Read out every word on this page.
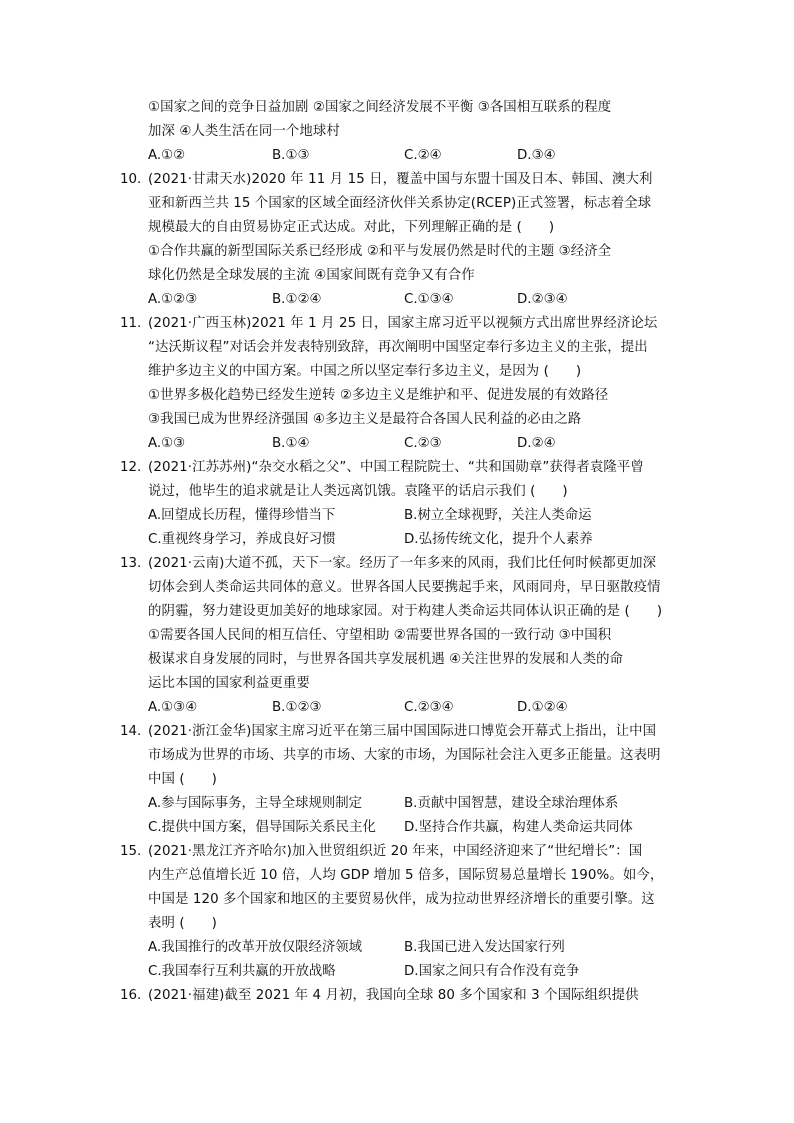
①国家之间的竞争日益加剧 ②国家之间经济发展不平衡 ③各国相互联系的程度
加深 ④人类生活在同一个地球村
A.①②	B.①③	C.②④	D.③④
10. (2021·甘肃天水)2020 年 11 月 15 日，覆盖中国与东盟十国及日本、韩国、澳大利
亚和新西兰共 15 个国家的区域全面经济伙伴关系协定(RCEP)正式签署，标志着全球
规模最大的自由贸易协定正式达成。对此，下列理解正确的是 (　　)
①合作共赢的新型国际关系已经形成 ②和平与发展仍然是时代的主题 ③经济全
球化仍然是全球发展的主流 ④国家间既有竞争又有合作
A.①②③	B.①②④	C.①③④	D.②③④
11. (2021·广西玉林)2021 年 1 月 25 日，国家主席习近平以视频方式出席世界经济论坛
“达沃斯议程”对话会并发表特别致辞，再次阐明中国坚定奉行多边主义的主张，提出
维护多边主义的中国方案。中国之所以坚定奉行多边主义，是因为 (　　)
①世界多极化趋势已经发生逆转 ②多边主义是维护和平、促进发展的有效路径
③我国已成为世界经济强国 ④多边主义是最符合各国人民利益的必由之路
A.①③	B.①④	C.②③	D.②④
12. (2021·江苏苏州)“杂交水稻之父”、中国工程院院士、“共和国勋章”获得者袁隆平曾
说过，他毕生的追求就是让人类远离饥饿。袁隆平的话启示我们 (　　)
A.回望成长历程，懂得珍惜当下	B.树立全球视野，关注人类命运
C.重视终身学习，养成良好习惯	D.弘扬传统文化，提升个人素养
13. (2021·云南)大道不孤，天下一家。经历了一年多来的风雨，我们比任何时候都更加深
切体会到人类命运共同体的意义。世界各国人民要携起手来，风雨同舟，早日驱散疫情
的阴霾，努力建设更加美好的地球家园。对于构建人类命运共同体认识正确的是 (　　)
①需要各国人民间的相互信任、守望相助 ②需要世界各国的一致行动 ③中国积
极谋求自身发展的同时，与世界各国共享发展机遇 ④关注世界的发展和人类的命
运比本国的国家利益更重要
A.①③④	B.①②③	C.②③④	D.①②④
14. (2021·浙江金华)国家主席习近平在第三届中国国际进口博览会开幕式上指出，让中国
市场成为世界的市场、共享的市场、大家的市场，为国际社会注入更多正能量。这表明
中国 (　　)
A.参与国际事务，主导全球规则制定	B.贡献中国智慧，建设全球治理体系
C.提供中国方案，倡导国际关系民主化 D.坚持合作共赢，构建人类命运共同体
15. (2021·黑龙江齐齐哈尔)加入世贸组织近 20 年来，中国经济迎来了“世纪增长”：国
内生产总值增长近 10 倍，人均 GDP 增加 5 倍多，国际贸易总量增长 190%。如今，
中国是 120 多个国家和地区的主要贸易伙伴，成为拉动世界经济增长的重要引擎。这
表明 (　　)
A.我国推行的改革开放仅限经济领域	B.我国已进入发达国家行列
C.我国奉行互利共赢的开放战略	D.国家之间只有合作没有竞争
16. (2021·福建)截至 2021 年 4 月初，我国向全球 80 多个国家和 3 个国际组织提供
